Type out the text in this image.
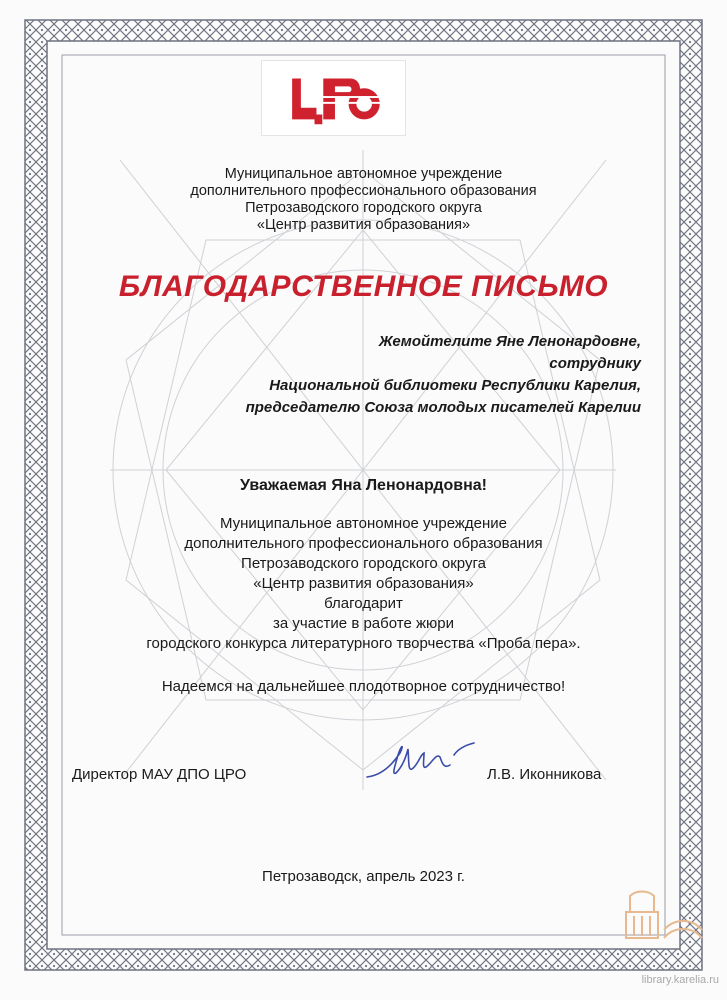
Муниципальное автономное учреждение
дополнительного профессионального образования
Петрозаводского городского округа
«Центр развития образования»
БЛАГОДАРСТВЕННОЕ ПИСЬМО
Жемойтелите Яне Ленонардовне,
сотруднику
Национальной библиотеки Республики Карелия,
председателю Союза молодых писателей Карелии
Уважаемая Яна Ленонардовна!
Муниципальное автономное учреждение
дополнительного профессионального образования
Петрозаводского городского округа
«Центр развития образования»
благодарит
за участие в работе жюри
городского конкурса литературного творчества «Проба пера».
Надеемся на дальнейшее плодотворное сотрудничество!
Директор МАУ ДПО ЦРО	Л.В. Иконникова
Петрозаводск, апрель 2023 г.
library.karelia.ru
